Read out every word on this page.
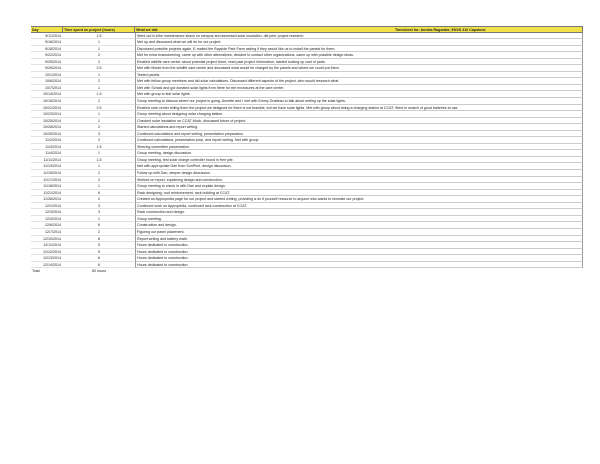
Day	Time spent on project (hours)	What we did:	Timesheet for: Annika Ragsdale, ENVS 410 Capstone
9/11/2014	1.5	Went out to bike maintenance shack on campus and assessed solar insulation, did peer project research.
9/16/2014	1	Met up and discussed what we will do for our project.
9/18/2014	1	Discussed possible projects again. E-mailed the Bayside Park Farm asking if they would like us to install the panels for them.
9/22/2014	2	Met for extra brainstorming, came up with other alternatives, decided to contact other organizations, came up with possible design ideas.
9/25/2014	2	Emailed wildlife care center about potential project there, read past project information, started looking up cost of parts.
9/26/2014	2.5	Met with Monte from the wildlife care center and discussed what would be charged by the panels and where we could put them.
10/1/2014	1	Tested panels.
10/6/2014	2	Met with fellow group members and did solar calculations. Discussed different aspects of the project, who would research what.
10/7/2014	1	Met with Schatz and got donated solar lights from there for the enclosures at the care center.
10/14/2014	1.5	Met with group to test solar lights.
10/16/2014	2	Group meeting to discuss where our project is going, Annette and I met with Emmy Gratteau to talk about setting up the solar lights.
10/21/2014	2.5	Emailed care center telling them the project we designed for there is not feasible, but we have solar lights. Met with group about doing a charging station at CCAT. Went in search of good batteries to use.
10/23/2014	1	Group meeting about designing solar charging station.
10/25/2014	1	Checked solar insolation on CCAT Mock, discussed future of project.
10/28/2014	2	Started calculations and report writing.
10/30/2014	3	Continued calculations and report writing, presentation preparation.
11/2/2014	2	Continued calculations, presentation prep, and report writing. Met with group
11/3/2014	1.5	Steering committee presentation.
11/4/2014	1	Group meeting, design discussion.
11/11/2014	1.5	Group meeting, test solar charge controller found in free pile.
11/13/2014	1	Met with appropriate Dan from SunPrint, design discussion.
11/15/2014	2	Follow up with Dan, deeper design discussion.
11/17/2014	2	Worked on report, explaining design and construction.
11/18/2014	1	Group meeting to check in with Dan and explain design.
11/21/2014	6	Rack designing, roof reinforcement, rack building at CCAT.
11/26/2014	2	Created an Appropedia page for our project and started writing, providing a do it yourself resource to anyone who wants to recreate our project.
12/1/2014	3	Continued work on Appropedia, continued rack construction at CCAT.
12/3/2014	3	Rack construction and design.
12/4/2014	1	Group meeting.
12/6/2014	6	Construction and design.
12/7/2014	2	Figuring our panel placement.
12/10/2014	6	Report writing and battery math.
12/11/2014	5	Hours dedicated to construction.
12/12/2014	5	Hours dedicated to construction.
12/13/2014	6	Hours dedicated to construction.
12/14/2014	6	Hours dedicated to construction.
Total	80 hours
